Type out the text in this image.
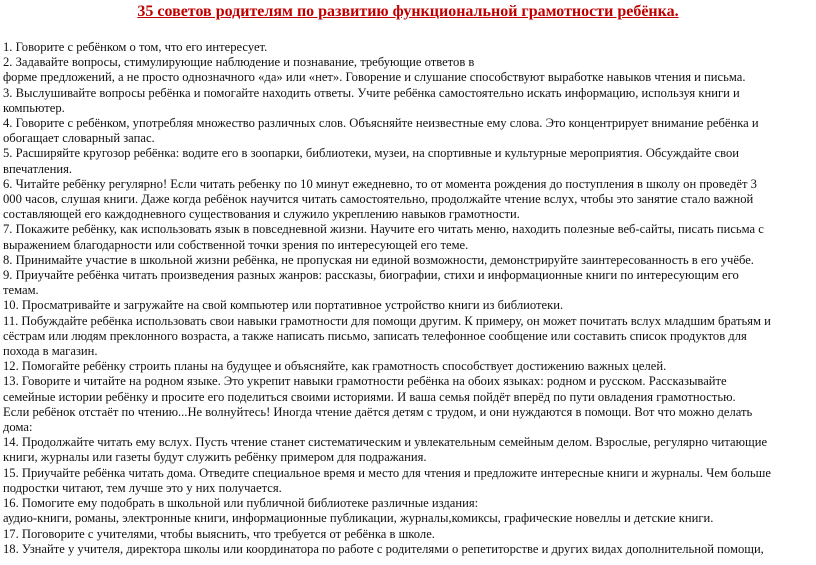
35 советов родителям по развитию функциональной грамотности ребёнка.
1. Говорите с ребёнком о том, что его интересует.
2. Задавайте вопросы, стимулирующие наблюдение и познавание, требующие ответов в
форме предложений, а не просто однозначного «да» или «нет». Говорение и слушание способствуют выработке навыков чтения и письма.
3. Выслушивайте вопросы ребёнка и помогайте находить ответы. Учите ребёнка самостоятельно искать информацию, используя книги и
компьютер.
4. Говорите с ребёнком, употребляя множество различных слов. Объясняйте неизвестные ему слова. Это концентрирует внимание ребёнка и
обогащает словарный запас.
5. Расширяйте кругозор ребёнка: водите его в зоопарки, библиотеки, музеи, на спортивные и культурные мероприятия. Обсуждайте свои
впечатления.
6. Читайте ребёнку регулярно! Если читать ребенку по 10 минут ежедневно, то от момента рождения до поступления в школу он проведёт 3
000 часов, слушая книги. Даже когда ребёнок научится читать самостоятельно, продолжайте чтение вслух, чтобы это занятие стало важной
составляющей его каждодневного существования и служило укреплению навыков грамотности.
7. Покажите ребёнку, как использовать язык в повседневной жизни. Научите его читать меню, находить полезные веб-сайты, писать письма с
выражением благодарности или собственной точки зрения по интересующей его теме.
8. Принимайте участие в школьной жизни ребёнка, не пропуская ни единой возможности, демонстрируйте заинтересованность в его учёбе.
9. Приучайте ребёнка читать произведения разных жанров: рассказы, биографии, стихи и информационные книги по интересующим его
темам.
10. Просматривайте и загружайте на свой компьютер или портативное устройство книги из библиотеки.
11. Побуждайте ребёнка использовать свои навыки грамотности для помощи другим. К примеру, он может почитать вслух младшим братьям и
сёстрам или людям преклонного возраста, а также написать письмо, записать телефонное сообщение или составить список продуктов для
похода в магазин.
12. Помогайте ребёнку строить планы на будущее и объясняйте, как грамотность способствует достижению важных целей.
13. Говорите и читайте на родном языке. Это укрепит навыки грамотности ребёнка на обоих языках: родном и русском. Рассказывайте
семейные истории ребёнку и просите его поделиться своими историями. И ваша семья пойдёт вперёд по пути овладения грамотностью.
Если ребёнок отстаёт по чтению...Не волнуйтесь! Иногда чтение даётся детям с трудом, и они нуждаются в помощи. Вот что можно делать
дома:
14. Продолжайте читать ему вслух. Пусть чтение станет систематическим и увлекательным семейным делом. Взрослые, регулярно читающие
книги, журналы или газеты будут служить ребёнку примером для подражания.
15. Приучайте ребёнка читать дома. Отведите специальное время и место для чтения и предложите интересные книги и журналы. Чем больше
подростки читают, тем лучше это у них получается.
16. Помогите ему подобрать в школьной или публичной библиотеке различные издания:
аудио-книги, романы, электронные книги, информационные публикации, журналы,комиксы, графические новеллы и детские книги.
17. Поговорите с учителями, чтобы выяснить, что требуется от ребёнка в школе.
18. Узнайте у учителя, директора школы или координатора по работе с родителями о репетиторстве и других видах дополнительной помощи,
